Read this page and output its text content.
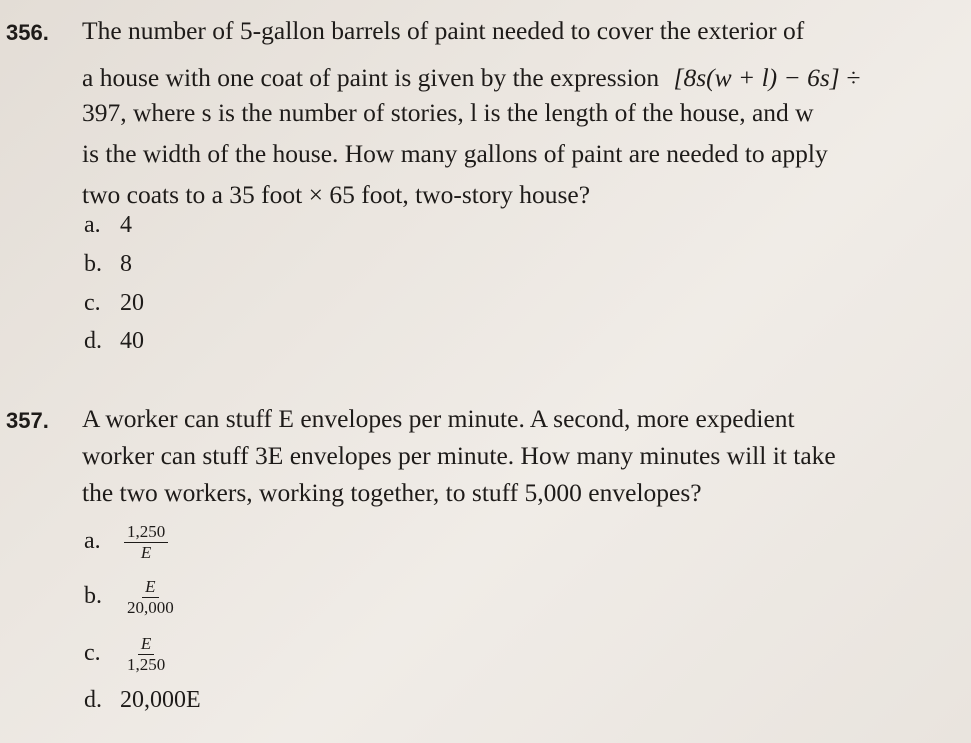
356. The number of 5-gallon barrels of paint needed to cover the exterior of
a house with one coat of paint is given by the expression [8s(w + l) − 6s] ÷
397, where s is the number of stories, l is the length of the house, and w
is the width of the house. How many gallons of paint are needed to apply
two coats to a 35 foot × 65 foot, two-story house?
a. 4
b. 8
c. 20
d. 40
357. A worker can stuff E envelopes per minute. A second, more expedient
worker can stuff 3E envelopes per minute. How many minutes will it take
the two workers, working together, to stuff 5,000 envelopes?
a. $\frac{1,250}{E}$
b. $\frac{E}{20,000}$
c. $\frac{E}{1,250}$
d. 20,000E
